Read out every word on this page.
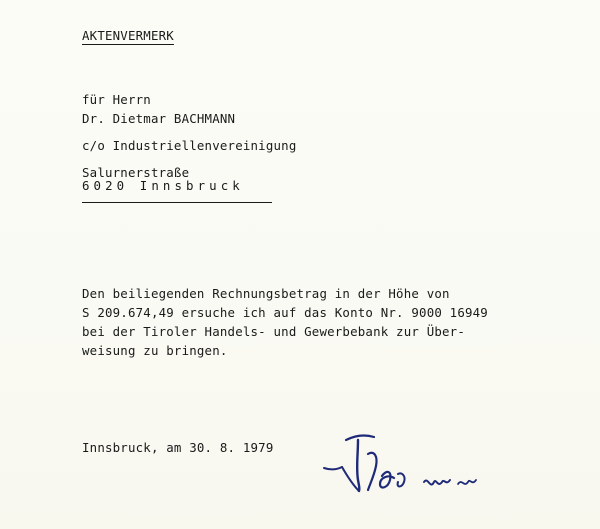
AKTENVERMERK
für Herrn
Dr. Dietmar BACHMANN
c/o Industriellenvereinigung
Salurnerstraße
6020 Innsbruck
Den beiliegenden Rechnungsbetrag in der Höhe von
S 209.674,49 ersuche ich auf das Konto Nr. 9000 16949
bei der Tiroler Handels- und Gewerbebank zur Über-
weisung zu bringen.
Innsbruck, am 30. 8. 1979
